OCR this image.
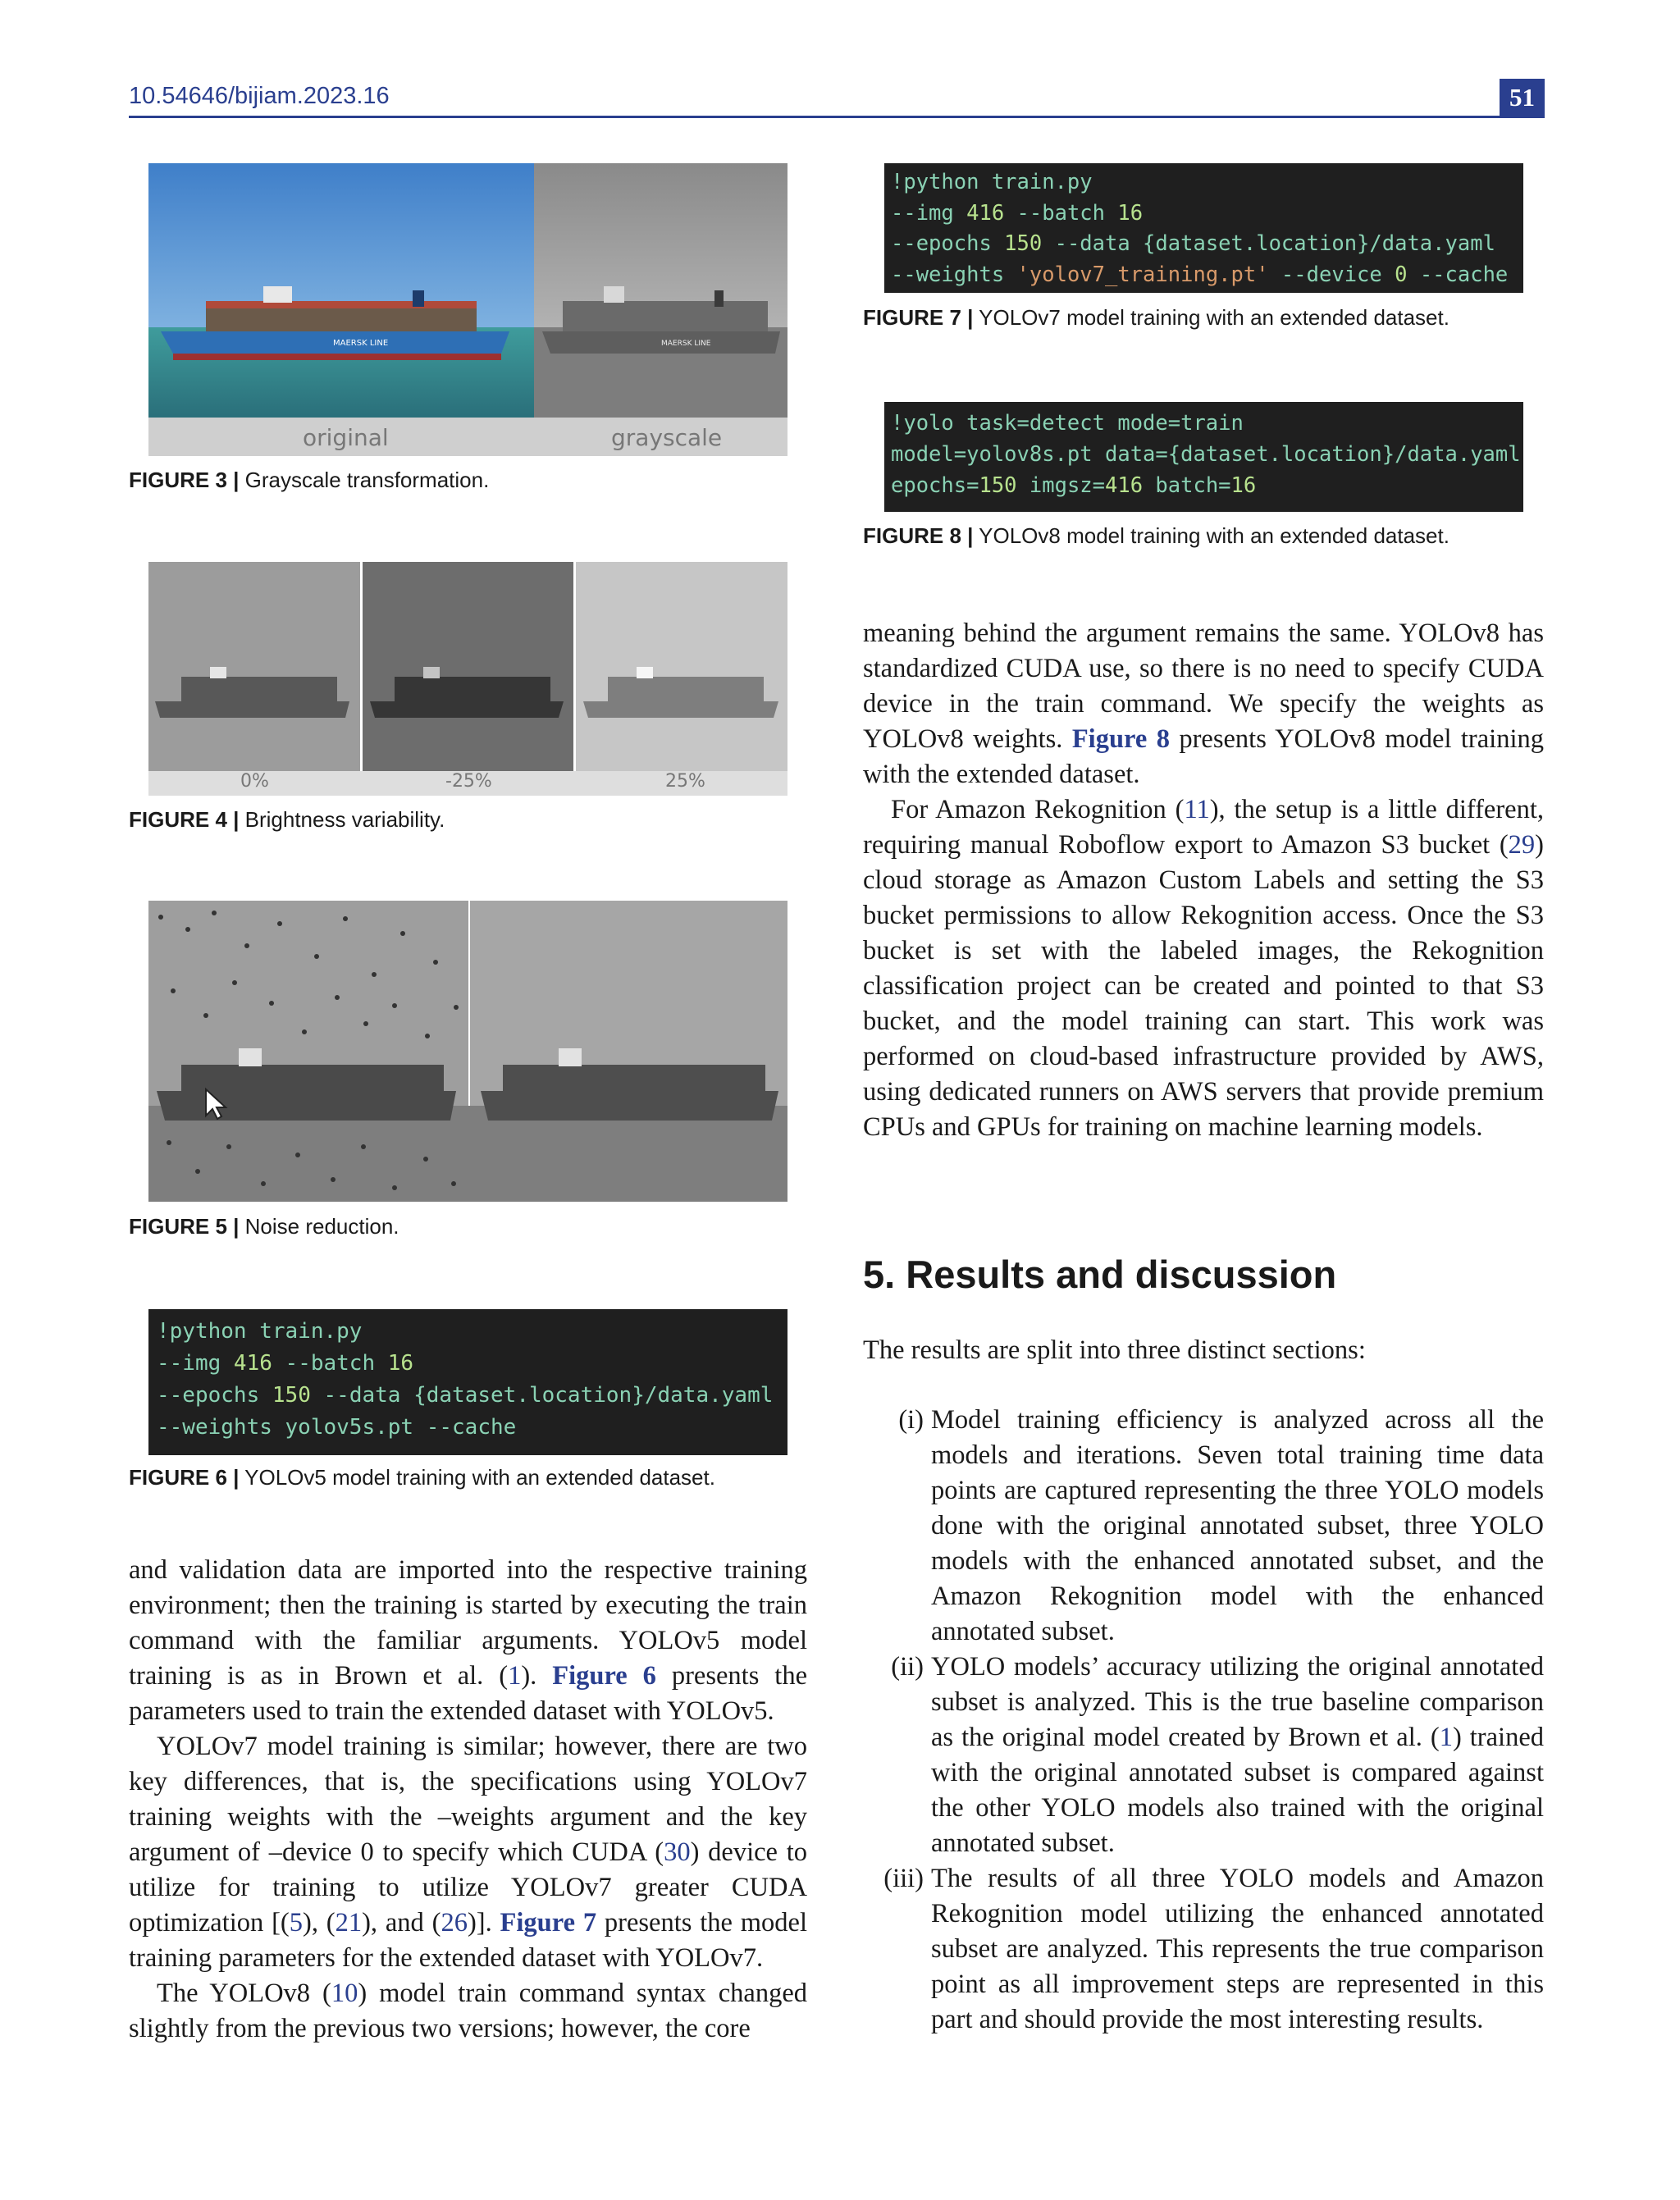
10.54646/bijiam.2023.16	51
MAERSK LINE	MAERSK LINE
original	grayscale
FIGURE 3 | Grayscale transformation.
0%	-25%	25%
FIGURE 4 | Brightness variability.
FIGURE 5 | Noise reduction.
!python train.py
--img 416 --batch 16
--epochs 150 --data {dataset.location}/data.yaml
--weights yolov5s.pt --cache
FIGURE 6 | YOLOv5 model training with an extended dataset.

and validation data are imported into the respective training environment; then the training is started by executing the train command with the familiar arguments. YOLOv5 model training is as in Brown et al. (1). Figure 6 presents the parameters used to train the extended dataset with YOLOv5.

YOLOv7 model training is similar; however, there are two key differences, that is, the specifications using YOLOv7 training weights with the –weights argument and the key argument of –device 0 to specify which CUDA (30) device to utilize for training to utilize YOLOv7 greater CUDA optimization [(5), (21), and (26)]. Figure 7 presents the model training parameters for the extended dataset with YOLOv7.

The YOLOv8 (10) model train command syntax changed slightly from the previous two versions; however, the core

!python train.py
--img 416 --batch 16
--epochs 150 --data {dataset.location}/data.yaml
--weights 'yolov7_training.pt' --device 0 --cache
FIGURE 7 | YOLOv7 model training with an extended dataset.
!yolo task=detect mode=train
model=yolov8s.pt data={dataset.location}/data.yaml
epochs=150 imgsz=416 batch=16
FIGURE 8 | YOLOv8 model training with an extended dataset.

meaning behind the argument remains the same. YOLOv8 has standardized CUDA use, so there is no need to specify CUDA device in the train command. We specify the weights as YOLOv8 weights. Figure 8 presents YOLOv8 model training with the extended dataset.

For Amazon Rekognition (11), the setup is a little different, requiring manual Roboflow export to Amazon S3 bucket (29) cloud storage as Amazon Custom Labels and setting the S3 bucket permissions to allow Rekognition access. Once the S3 bucket is set with the labeled images, the Rekognition classification project can be created and pointed to that S3 bucket, and the model training can start. This work was performed on cloud-based infrastructure provided by AWS, using dedicated runners on AWS servers that provide premium CPUs and GPUs for training on machine learning models.

5. Results and discussion

The results are split into three distinct sections:

(i) Model training efficiency is analyzed across all the models and iterations. Seven total training time data points are captured representing the three YOLO models done with the original annotated subset, three YOLO models with the enhanced annotated subset, and the Amazon Rekognition model with the enhanced annotated subset.
(ii) YOLO models’ accuracy utilizing the original annotated subset is analyzed. This is the true baseline comparison as the original model created by Brown et al. (1) trained with the original annotated subset is compared against the other YOLO models also trained with the original annotated subset.
(iii) The results of all three YOLO models and Amazon Rekognition model utilizing the enhanced annotated subset are analyzed. This represents the true comparison point as all improvement steps are represented in this part and should provide the most interesting results.
